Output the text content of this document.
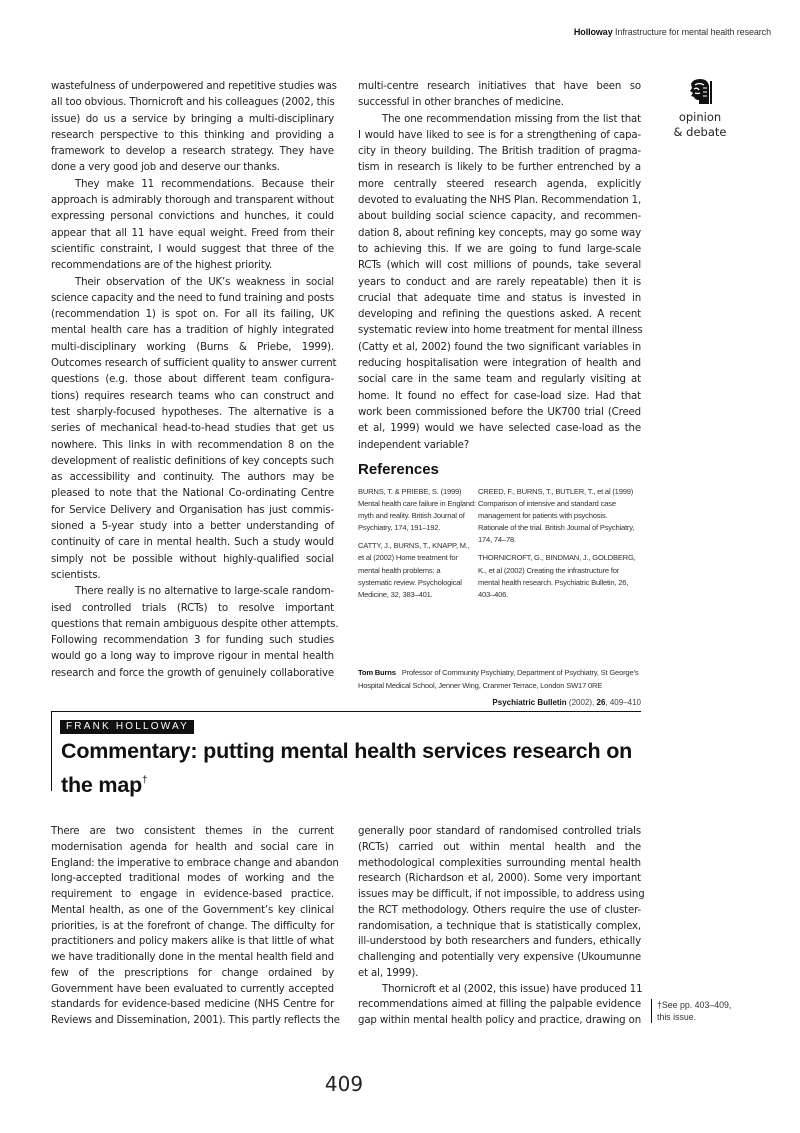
Holloway Infrastructure for mental health research
opinion
& debate
wastefulness of underpowered and repetitive studies was
all too obvious. Thornicroft and his colleagues (2002, this
issue) do us a service by bringing a multi-disciplinary
research perspective to this thinking and providing a
framework to develop a research strategy. They have
done a very good job and deserve our thanks.
They make 11 recommendations. Because their
approach is admirably thorough and transparent without
expressing personal convictions and hunches, it could
appear that all 11 have equal weight. Freed from their
scientific constraint, I would suggest that three of the
recommendations are of the highest priority.
Their observation of the UK’s weakness in social
science capacity and the need to fund training and posts
(recommendation 1) is spot on. For all its failing, UK
mental health care has a tradition of highly integrated
multi-disciplinary working (Burns & Priebe, 1999).
Outcomes research of sufficient quality to answer current
questions (e.g. those about different team configura-
tions) requires research teams who can construct and
test sharply-focused hypotheses. The alternative is a
series of mechanical head-to-head studies that get us
nowhere. This links in with recommendation 8 on the
development of realistic definitions of key concepts such
as accessibility and continuity. The authors may be
pleased to note that the National Co-ordinating Centre
for Service Delivery and Organisation has just commis-
sioned a 5-year study into a better understanding of
continuity of care in mental health. Such a study would
simply not be possible without highly-qualified social
scientists.
There really is no alternative to large-scale random-
ised controlled trials (RCTs) to resolve important
questions that remain ambiguous despite other attempts.
Following recommendation 3 for funding such studies
would go a long way to improve rigour in mental health
research and force the growth of genuinely collaborative
multi-centre research initiatives that have been so
successful in other branches of medicine.
The one recommendation missing from the list that
I would have liked to see is for a strengthening of capa-
city in theory building. The British tradition of pragma-
tism in research is likely to be further entrenched by a
more centrally steered research agenda, explicitly
devoted to evaluating the NHS Plan. Recommendation 1,
about building social science capacity, and recommen-
dation 8, about refining key concepts, may go some way
to achieving this. If we are going to fund large-scale
RCTs (which will cost millions of pounds, take several
years to conduct and are rarely repeatable) then it is
crucial that adequate time and status is invested in
developing and refining the questions asked. A recent
systematic review into home treatment for mental illness
(Catty et al, 2002) found the two significant variables in
reducing hospitalisation were integration of health and
social care in the same team and regularly visiting at
home. It found no effect for case-load size. Had that
work been commissioned before the UK700 trial (Creed
et al, 1999) would we have selected case-load as the
independent variable?
References
BURNS, T. & PRIEBE, S. (1999) Mental health care failure in England: myth and reality. British Journal of Psychiatry, 174, 191–192.
CATTY, J., BURNS, T., KNAPP, M., et al (2002) Home treatment for mental health problems: a systematic review. Psychological Medicine, 32, 383–401.
CREED, F., BURNS, T., BUTLER, T., et al (1999) Comparison of intensive and standard case management for patients with psychosis. Rationale of the trial. British Journal of Psychiatry, 174, 74–78.
THORNICROFT, G., BINDMAN, J., GOLDBERG, K., et al (2002) Creating the infrastructure for mental health research. Psychiatric Bulletin, 26, 403–406.
Tom Burns Professor of Community Psychiatry, Department of Psychiatry, St George’s Hospital Medical School, Jenner Wing, Cranmer Terrace, London SW17 0RE
Psychiatric Bulletin (2002), 26, 409–410
FRANK HOLLOWAY
Commentary: putting mental health services research on the map†
There are two consistent themes in the current
modernisation agenda for health and social care in
England: the imperative to embrace change and abandon
long-accepted traditional modes of working and the
requirement to engage in evidence-based practice.
Mental health, as one of the Government’s key clinical
priorities, is at the forefront of change. The difficulty for
practitioners and policy makers alike is that little of what
we have traditionally done in the mental health field and
few of the prescriptions for change ordained by
Government have been evaluated to currently accepted
standards for evidence-based medicine (NHS Centre for
Reviews and Dissemination, 2001). This partly reflects the
generally poor standard of randomised controlled trials
(RCTs) carried out within mental health and the
methodological complexities surrounding mental health
research (Richardson et al, 2000). Some very important
issues may be difficult, if not impossible, to address using
the RCT methodology. Others require the use of cluster-
randomisation, a technique that is statistically complex,
ill-understood by both researchers and funders, ethically
challenging and potentially very expensive (Ukoumunne
et al, 1999).
Thornicroft et al (2002, this issue) have produced 11
recommendations aimed at filling the palpable evidence
gap within mental health policy and practice, drawing on
†See pp. 403–409,
this issue.
409
